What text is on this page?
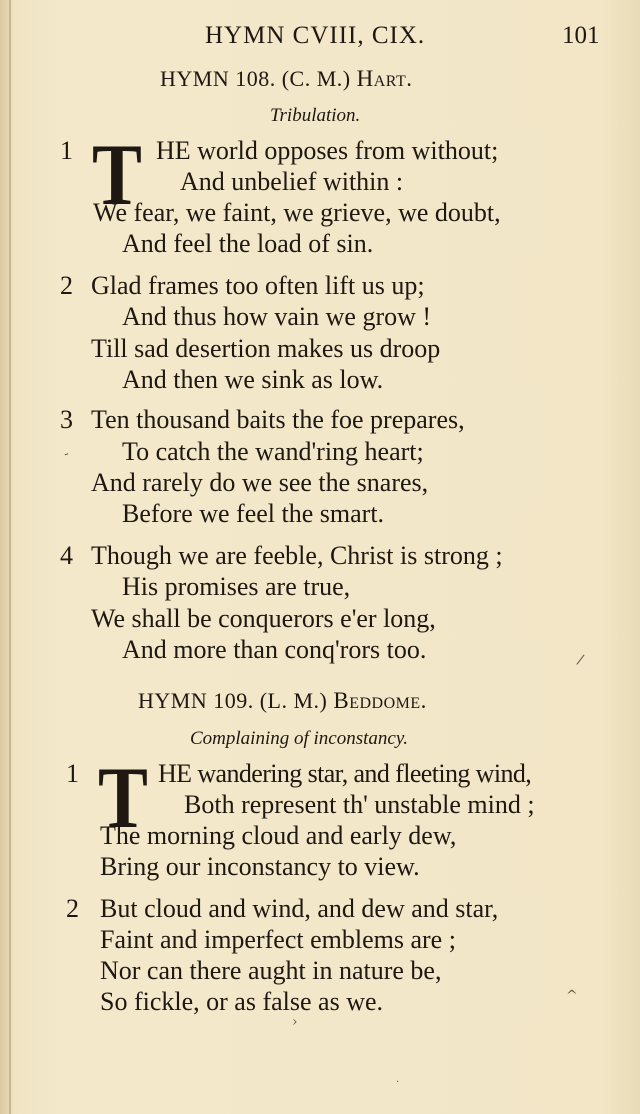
HYMN CVIII, CIX.	101
HYMN 108. (C. M.) Hart.
Tribulation.
1 T HE world opposes from without;
And unbelief within :
We fear, we faint, we grieve, we doubt,
And feel the load of sin.
2 Glad frames too often lift us up;
And thus how vain we grow !
Till sad desertion makes us droop
And then we sink as low.
3 Ten thousand baits the foe prepares,
To catch the wand'ring heart;
And rarely do we see the snares,
Before we feel the smart.
4 Though we are feeble, Christ is strong ;
His promises are true,
We shall be conquerors e'er long,
And more than conq'rors too.
HYMN 109. (L. M.) Beddome.
Complaining of inconstancy.
1 T HE wandering star, and fleeting wind,
Both represent th' unstable mind ;
The morning cloud and early dew,
Bring our inconstancy to view.
2 But cloud and wind, and dew and star,
Faint and imperfect emblems are ;
Nor can there aught in nature be,
So fickle, or as false as we.
-
/
^
›
.
